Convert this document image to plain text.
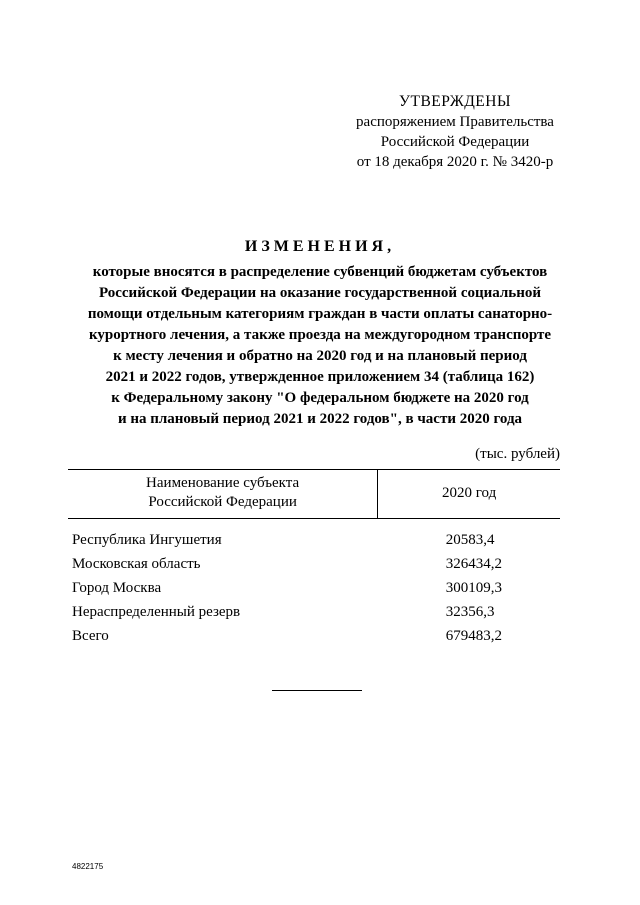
УТВЕРЖДЕНЫ
распоряжением Правительства
Российской Федерации
от 18 декабря 2020 г. № 3420-р
ИЗМЕНЕНИЯ,
которые вносятся в распределение субвенций бюджетам субъектов
Российской Федерации на оказание государственной социальной
помощи отдельным категориям граждан в части оплаты санаторно-
курортного лечения, а также проезда на междугородном транспорте
к месту лечения и обратно на 2020 год и на плановый период
2021 и 2022 годов, утвержденное приложением 34 (таблица 162)
к Федеральному закону "О федеральном бюджете на 2020 год
и на плановый период 2021 и 2022 годов", в части 2020 года
(тыс. рублей)
Наименование субъекта
Российской Федерации	2020 год
Республика Ингушетия	20583,4
Московская область	326434,2
Город Москва	300109,3
Нераспределенный резерв	32356,3
Всего	679483,2
4822175
